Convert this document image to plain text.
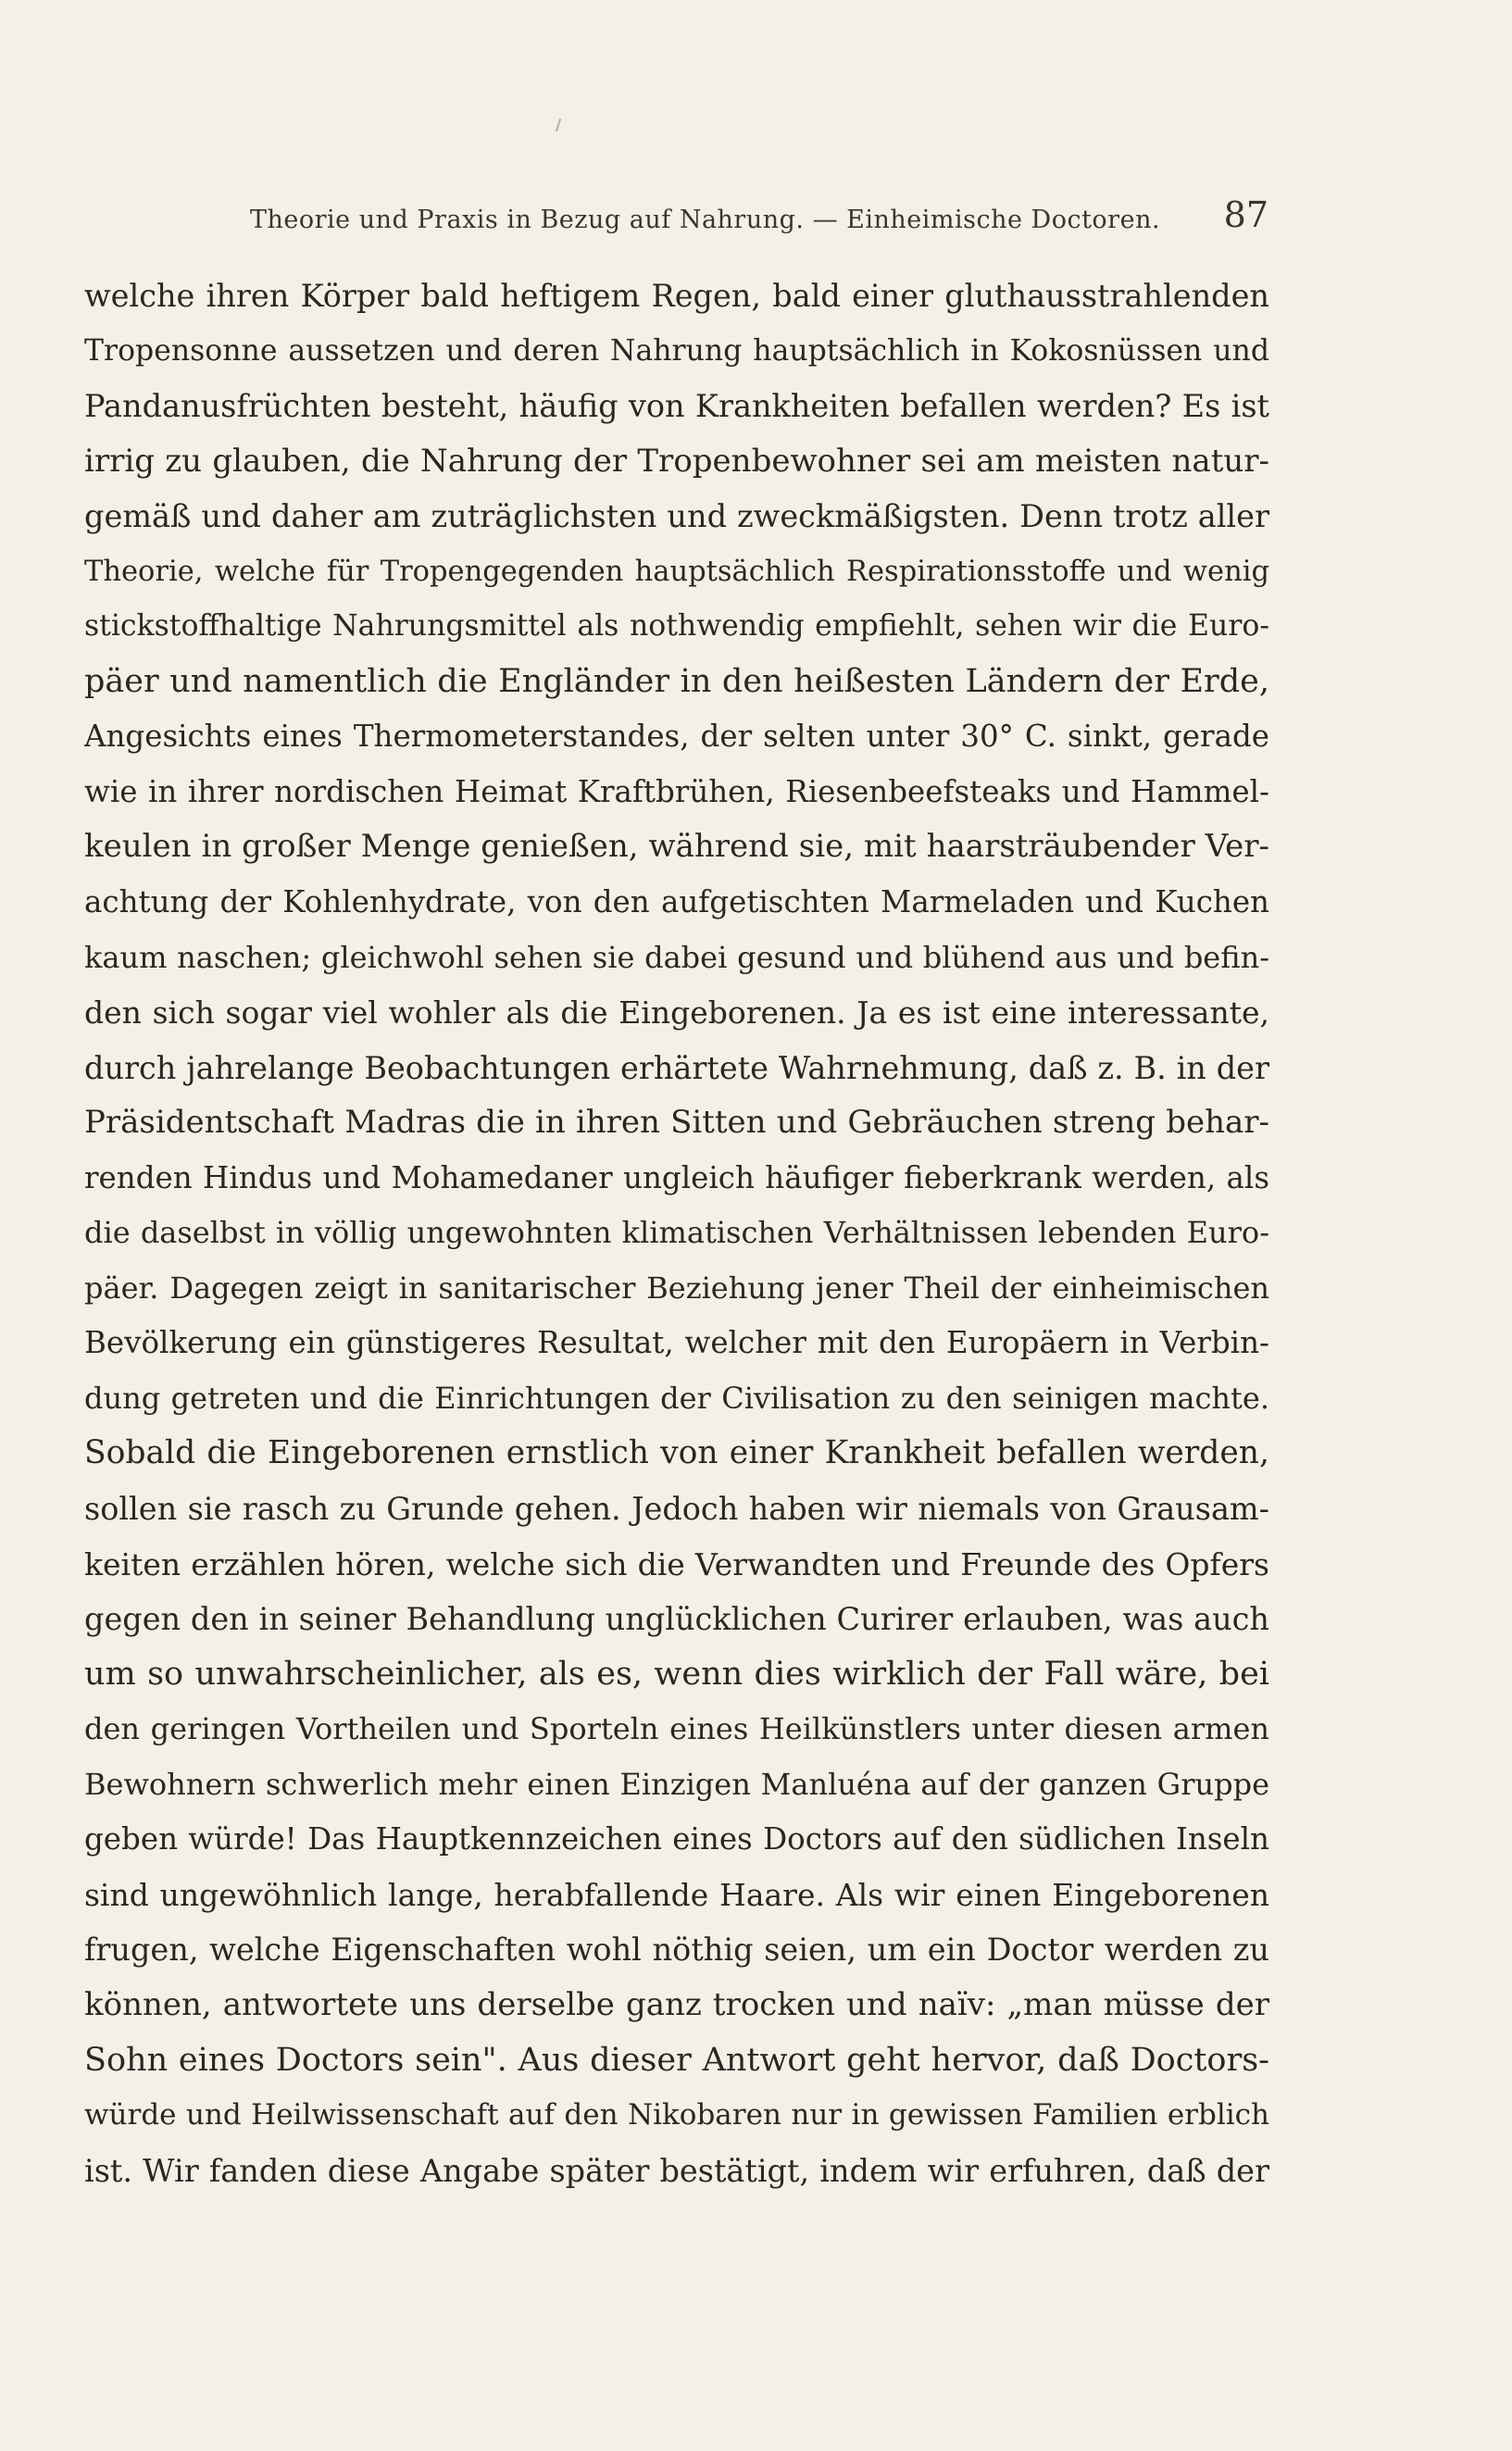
Theorie und Praxis in Bezug auf Nahrung. — Einheimische Doctoren. 87
welche ihren Körper bald heftigem Regen, bald einer gluthausstrahlenden
Tropensonne aussetzen und deren Nahrung hauptsächlich in Kokosnüssen und
Pandanusfrüchten besteht, häufig von Krankheiten befallen werden? Es ist
irrig zu glauben, die Nahrung der Tropenbewohner sei am meisten natur-
gemäß und daher am zuträglichsten und zweckmäßigsten. Denn trotz aller
Theorie, welche für Tropengegenden hauptsächlich Respirationsstoffe und wenig
stickstoffhaltige Nahrungsmittel als nothwendig empfiehlt, sehen wir die Euro-
päer und namentlich die Engländer in den heißesten Ländern der Erde,
Angesichts eines Thermometerstandes, der selten unter 30° C. sinkt, gerade
wie in ihrer nordischen Heimat Kraftbrühen, Riesenbeefsteaks und Hammel-
keulen in großer Menge genießen, während sie, mit haarsträubender Ver-
achtung der Kohlenhydrate, von den aufgetischten Marmeladen und Kuchen
kaum naschen; gleichwohl sehen sie dabei gesund und blühend aus und befin-
den sich sogar viel wohler als die Eingeborenen. Ja es ist eine interessante,
durch jahrelange Beobachtungen erhärtete Wahrnehmung, daß z. B. in der
Präsidentschaft Madras die in ihren Sitten und Gebräuchen streng behar-
renden Hindus und Mohamedaner ungleich häufiger fieberkrank werden, als
die daselbst in völlig ungewohnten klimatischen Verhältnissen lebenden Euro-
päer. Dagegen zeigt in sanitarischer Beziehung jener Theil der einheimischen
Bevölkerung ein günstigeres Resultat, welcher mit den Europäern in Verbin-
dung getreten und die Einrichtungen der Civilisation zu den seinigen machte.
Sobald die Eingeborenen ernstlich von einer Krankheit befallen werden,
sollen sie rasch zu Grunde gehen. Jedoch haben wir niemals von Grausam-
keiten erzählen hören, welche sich die Verwandten und Freunde des Opfers
gegen den in seiner Behandlung unglücklichen Curirer erlauben, was auch
um so unwahrscheinlicher, als es, wenn dies wirklich der Fall wäre, bei
den geringen Vortheilen und Sporteln eines Heilkünstlers unter diesen armen
Bewohnern schwerlich mehr einen Einzigen Manluéna auf der ganzen Gruppe
geben würde! Das Hauptkennzeichen eines Doctors auf den südlichen Inseln
sind ungewöhnlich lange, herabfallende Haare. Als wir einen Eingeborenen
frugen, welche Eigenschaften wohl nöthig seien, um ein Doctor werden zu
können, antwortete uns derselbe ganz trocken und naïv: „man müsse der
Sohn eines Doctors sein". Aus dieser Antwort geht hervor, daß Doctors-
würde und Heilwissenschaft auf den Nikobaren nur in gewissen Familien erblich
ist. Wir fanden diese Angabe später bestätigt, indem wir erfuhren, daß der
